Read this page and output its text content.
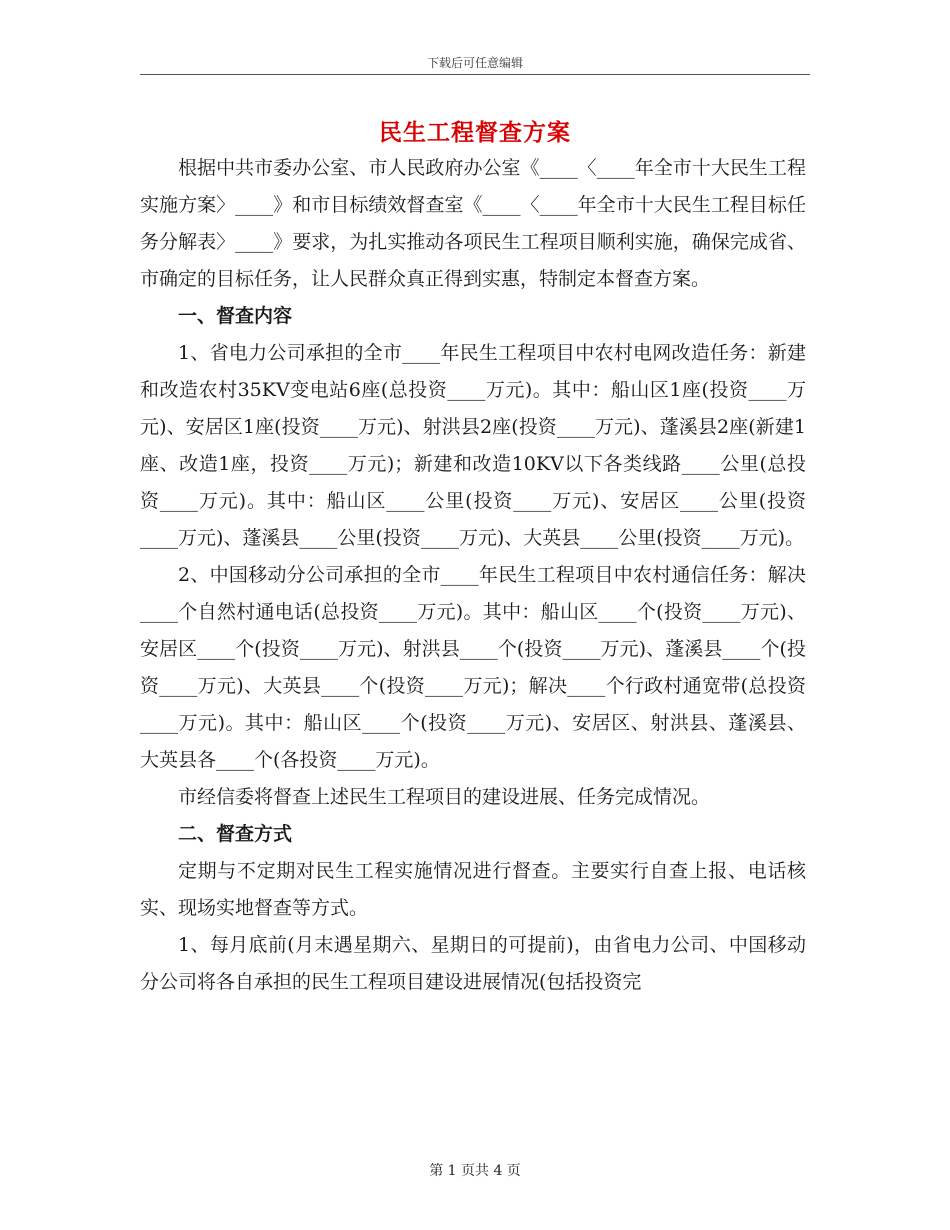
下载后可任意编辑
民生工程督查方案

根据中共市委办公室、市人民政府办公室《____〈____年全市十大民生工程实施方案〉____》和市目标绩效督查室《____〈____年全市十大民生工程目标任务分解表〉____》要求，为扎实推动各项民生工程项目顺利实施，确保完成省、市确定的目标任务，让人民群众真正得到实惠，特制定本督查方案。

一、督查内容

1、省电力公司承担的全市____年民生工程项目中农村电网改造任务：新建和改造农村35KV变电站6座(总投资____万元)。其中：船山区1座(投资____万元)、安居区1座(投资____万元)、射洪县2座(投资____万元)、蓬溪县2座(新建1座、改造1座，投资____万元)；新建和改造10KV以下各类线路____公里(总投资____万元)。其中：船山区____公里(投资____万元)、安居区____公里(投资____万元)、蓬溪县____公里(投资____万元)、大英县____公里(投资____万元)。

2、中国移动分公司承担的全市____年民生工程项目中农村通信任务：解决____个自然村通电话(总投资____万元)。其中：船山区____个(投资____万元)、安居区____个(投资____万元)、射洪县____个(投资____万元)、蓬溪县____个(投资____万元)、大英县____个(投资____万元)；解决____个行政村通宽带(总投资____万元)。其中：船山区____个(投资____万元)、安居区、射洪县、蓬溪县、大英县各____个(各投资____万元)。

市经信委将督查上述民生工程项目的建设进展、任务完成情况。

二、督查方式

定期与不定期对民生工程实施情况进行督查。主要实行自查上报、电话核实、现场实地督查等方式。

1、每月底前(月末遇星期六、星期日的可提前)，由省电力公司、中国移动分公司将各自承担的民生工程项目建设进展情况(包括投资完

第 1 页共 4 页
